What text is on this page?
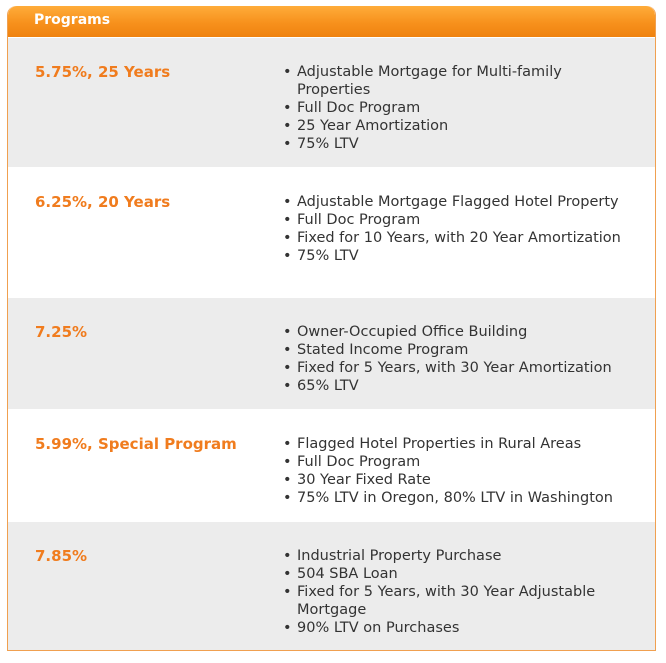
Programs
5.75%, 25 Years	• Adjustable Mortgage for Multi-family Properties
• Full Doc Program
• 25 Year Amortization
• 75% LTV
6.25%, 20 Years	• Adjustable Mortgage Flagged Hotel Property
• Full Doc Program
• Fixed for 10 Years, with 20 Year Amortization
• 75% LTV
7.25%	• Owner-Occupied Office Building
• Stated Income Program
• Fixed for 5 Years, with 30 Year Amortization
• 65% LTV
5.99%, Special Program	• Flagged Hotel Properties in Rural Areas
• Full Doc Program
• 30 Year Fixed Rate
• 75% LTV in Oregon, 80% LTV in Washington
7.85%	• Industrial Property Purchase
• 504 SBA Loan
• Fixed for 5 Years, with 30 Year Adjustable Mortgage
• 90% LTV on Purchases
